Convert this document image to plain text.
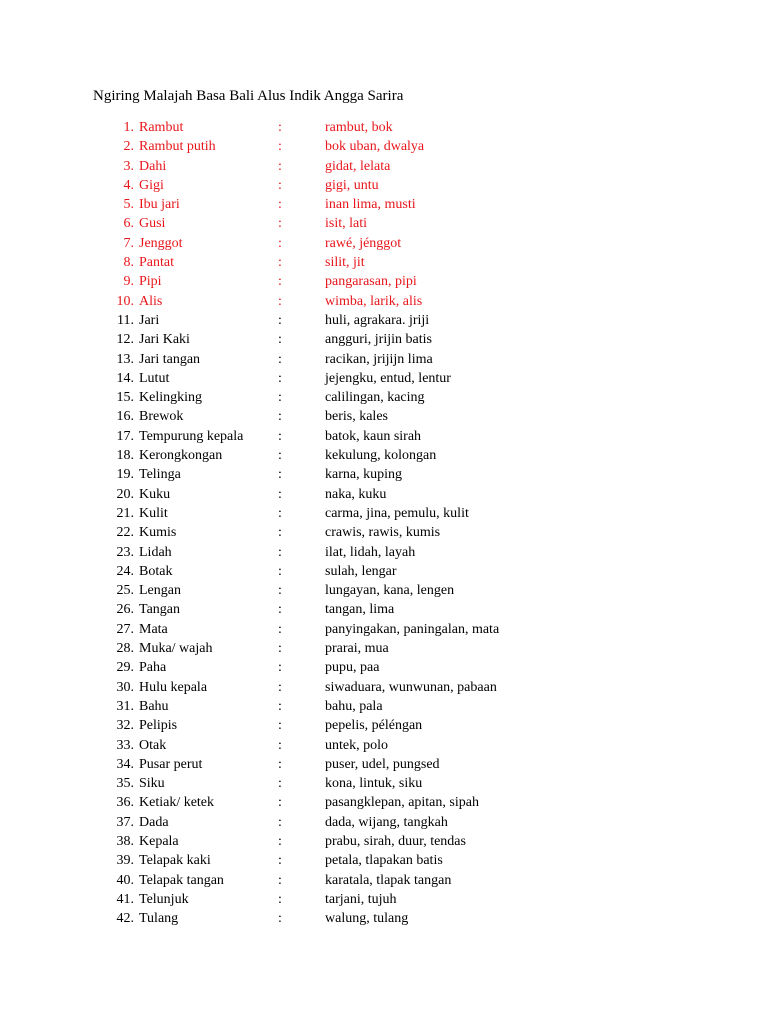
Ngiring Malajah Basa Bali Alus Indik Angga Sarira
1. Rambut	:	rambut, bok
2. Rambut putih	:	bok uban, dwalya
3. Dahi	:	gidat, lelata
4. Gigi	:	gigi, untu
5. Ibu jari	:	inan lima, musti
6. Gusi	:	isit, lati
7. Jenggot	:	rawé, jénggot
8. Pantat	:	silit, jit
9. Pipi	:	pangarasan, pipi
10. Alis	:	wimba, larik, alis
11. Jari	:	huli, agrakara. jriji
12. Jari Kaki	:	angguri, jrijin batis
13. Jari tangan	:	racikan, jrijijn lima
14. Lutut	:	jejengku, entud, lentur
15. Kelingking	:	calilingan, kacing
16. Brewok	:	beris, kales
17. Tempurung kepala :	batok, kaun sirah
18. Kerongkongan	:	kekulung, kolongan
19. Telinga	:	karna, kuping
20. Kuku	:	naka, kuku
21. Kulit	:	carma, jina, pemulu, kulit
22. Kumis	:	crawis, rawis, kumis
23. Lidah	:	ilat, lidah, layah
24. Botak	:	sulah, lengar
25. Lengan	:	lungayan, kana, lengen
26. Tangan	:	tangan, lima
27. Mata	:	panyingakan, paningalan, mata
28. Muka/ wajah	:	prarai, mua
29. Paha	:	pupu, paa
30. Hulu kepala	:	siwaduara, wunwunan, pabaan
31. Bahu	:	bahu, pala
32. Pelipis	:	pepelis, péléngan
33. Otak	:	untek, polo
34. Pusar perut	:	puser, udel, pungsed
35. Siku	:	kona, lintuk, siku
36. Ketiak/ ketek	:	pasangklepan, apitan, sipah
37. Dada	:	dada, wijang, tangkah
38. Kepala	:	prabu, sirah, duur, tendas
39. Telapak kaki	:	petala, tlapakan batis
40. Telapak tangan	:	karatala, tlapak tangan
41. Telunjuk	:	tarjani, tujuh
42. Tulang	:	walung, tulang
